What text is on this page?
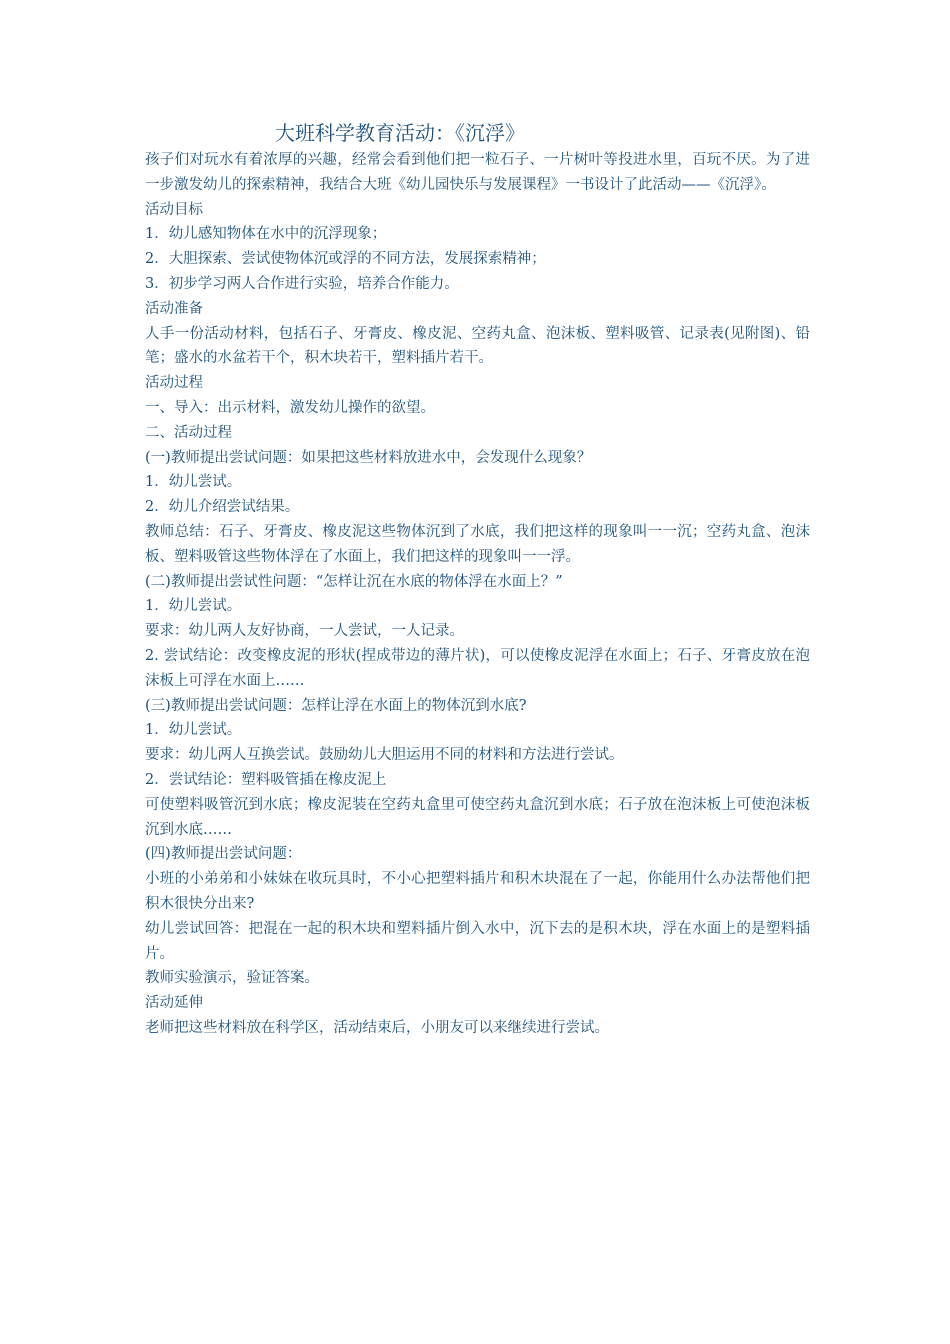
大班科学教育活动：《沉浮》

孩子们对玩水有着浓厚的兴趣，经常会看到他们把一粒石子、一片树叶等投进水里，百玩不厌。为了进一步激发幼儿的探索精神，我结合大班《幼儿园快乐与发展课程》一书设计了此活动——《沉浮》。

活动目标

1．幼儿感知物体在水中的沉浮现象；

2．大胆探索、尝试使物体沉或浮的不同方法，发展探索精神；

3．初步学习两人合作进行实验，培养合作能力。

活动准备

人手一份活动材料，包括石子、牙膏皮、橡皮泥、空药丸盒、泡沫板、塑料吸管、记录表(见附图)、铅笔；盛水的水盆若干个，积木块若干，塑料插片若干。

活动过程

一、导入：出示材料，激发幼儿操作的欲望。

二、活动过程

(一)教师提出尝试问题：如果把这些材料放进水中，会发现什么现象？

1．幼儿尝试。

2．幼儿介绍尝试结果。

教师总结：石子、牙膏皮、橡皮泥这些物体沉到了水底，我们把这样的现象叫一一沉；空药丸盒、泡沫板、塑料吸管这些物体浮在了水面上，我们把这样的现象叫一一浮。

(二)教师提出尝试性问题：“怎样让沉在水底的物体浮在水面上？”

1．幼儿尝试。

要求：幼儿两人友好协商，一人尝试，一人记录。

2. 尝试结论：改变橡皮泥的形状(捏成带边的薄片状)，可以使橡皮泥浮在水面上；石子、牙膏皮放在泡沫板上可浮在水面上……

(三)教师提出尝试问题：怎样让浮在水面上的物体沉到水底?

1．幼儿尝试。

要求：幼儿两人互换尝试。鼓励幼儿大胆运用不同的材料和方法进行尝试。

2．尝试结论：塑料吸管插在橡皮泥上

可使塑料吸管沉到水底；橡皮泥装在空药丸盒里可使空药丸盒沉到水底；石子放在泡沫板上可使泡沫板沉到水底……

(四)教师提出尝试问题：

小班的小弟弟和小妹妹在收玩具时，不小心把塑料插片和积木块混在了一起，你能用什么办法帮他们把积木很快分出来?

幼儿尝试回答：把混在一起的积木块和塑料插片倒入水中，沉下去的是积木块，浮在水面上的是塑料插片。

教师实验演示，验证答案。

活动延伸

老师把这些材料放在科学区，活动结束后，小朋友可以来继续进行尝试。
